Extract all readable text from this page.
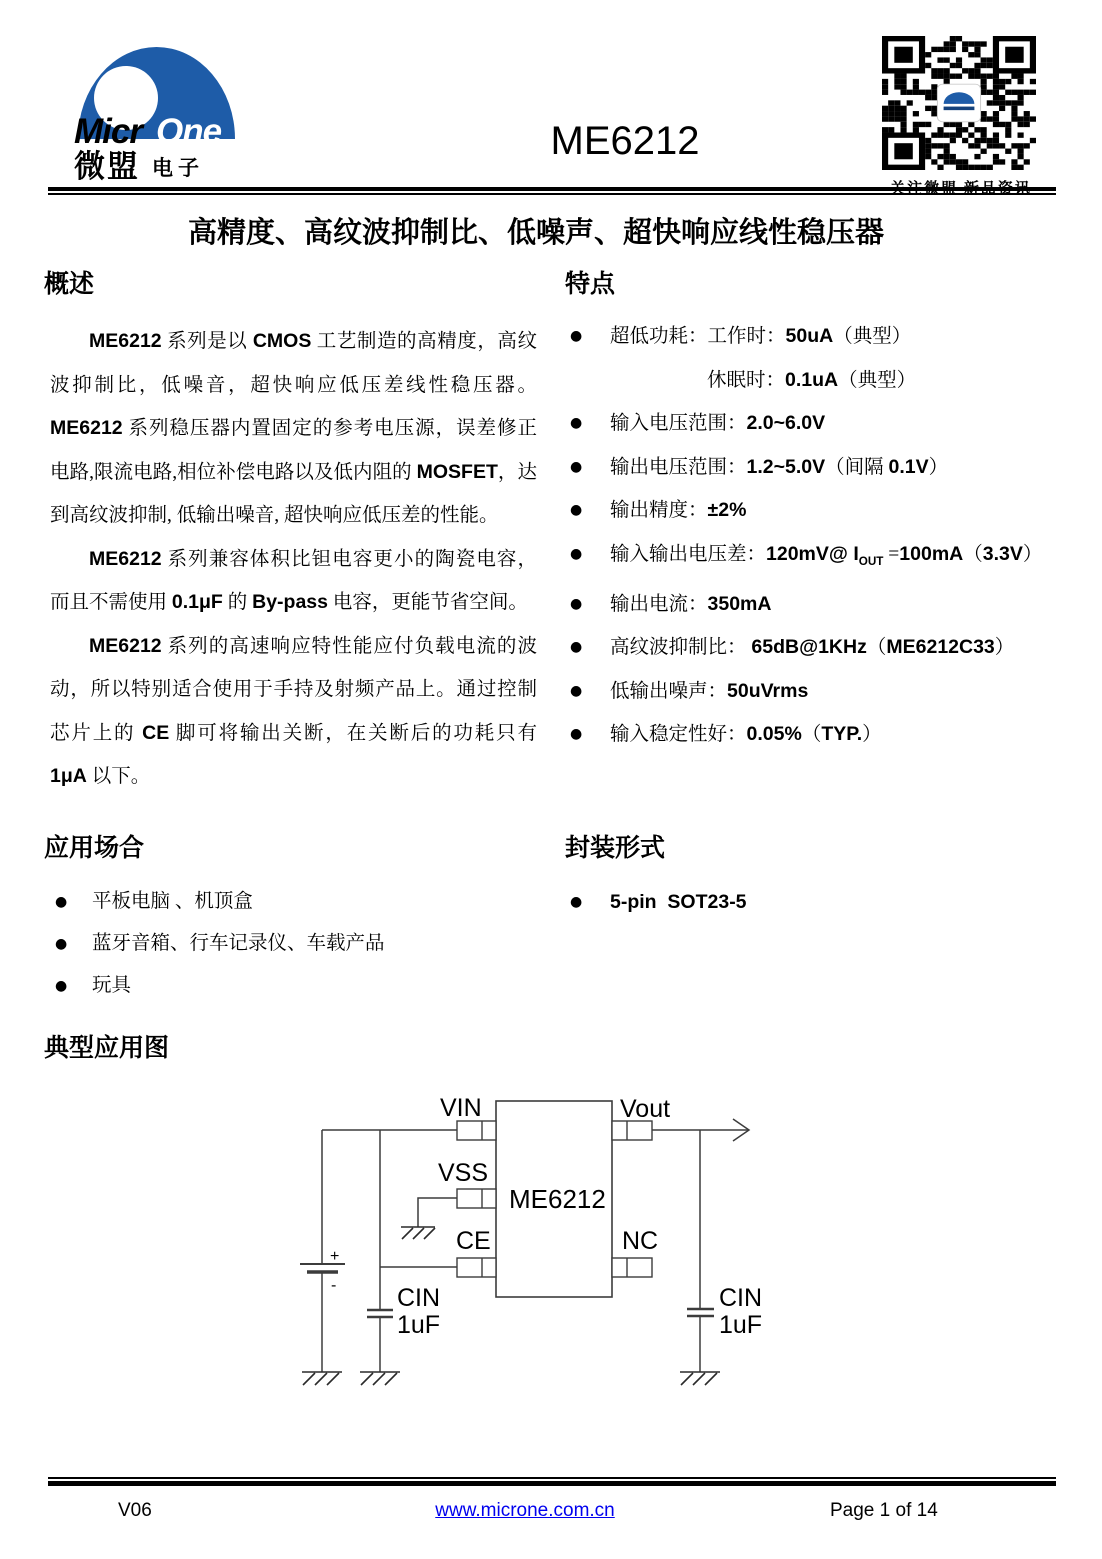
Micr One
微盟 电子
ME6212
关注微盟 新品资讯
高精度、高纹波抑制比、低噪声、超快响应线性稳压器
概述	特点
应用场合	封装形式
典型应用图

ME6212 系列是以 CMOS 工艺制造的高精度，高纹波抑制比，低噪音，超快响应低压差线性稳压器。ME6212 系列稳压器内置固定的参考电压源，误差修正电路,限流电路,相位补偿电路以及低内阻的 MOSFET，达到高纹波抑制, 低输出噪音, 超快响应低压差的性能。

ME6212 系列兼容体积比钽电容更小的陶瓷电容，而且不需使用 0.1μF 的 By-pass 电容，更能节省空间。

ME6212 系列的高速响应特性能应付负载电流的波动，所以特别适合使用于手持及射频产品上。通过控制芯片上的 CE 脚可将输出关断，在关断后的功耗只有 1μA 以下。

● 超低功耗：工作时：50uA（典型）
休眠时：0.1uA（典型）
● 输入电压范围：2.0~6.0V
● 输出电压范围：1.2~5.0V（间隔 0.1V）
● 输出精度：±2%
● 输入输出电压差：120mV@ $I_{OUT} =100mA(3.3V)$
● 输出电流：350mA
● 高纹波抑制比： 65dB@1KHz（ME6212C33）
● 低输出噪声：50uVrms
● 输入稳定性好：0.05%（TYP.）
● 平板电脑 、机顶盒
● 蓝牙音箱、行车记录仪、车载产品
● 玩具
● 5-pin  SOT23-5
+
-
VIN	Vout
VSS
CE	NC
ME6212
CIN
1uF
CIN
1uF
V06	www.microne.com.cn	Page 1 of 14
